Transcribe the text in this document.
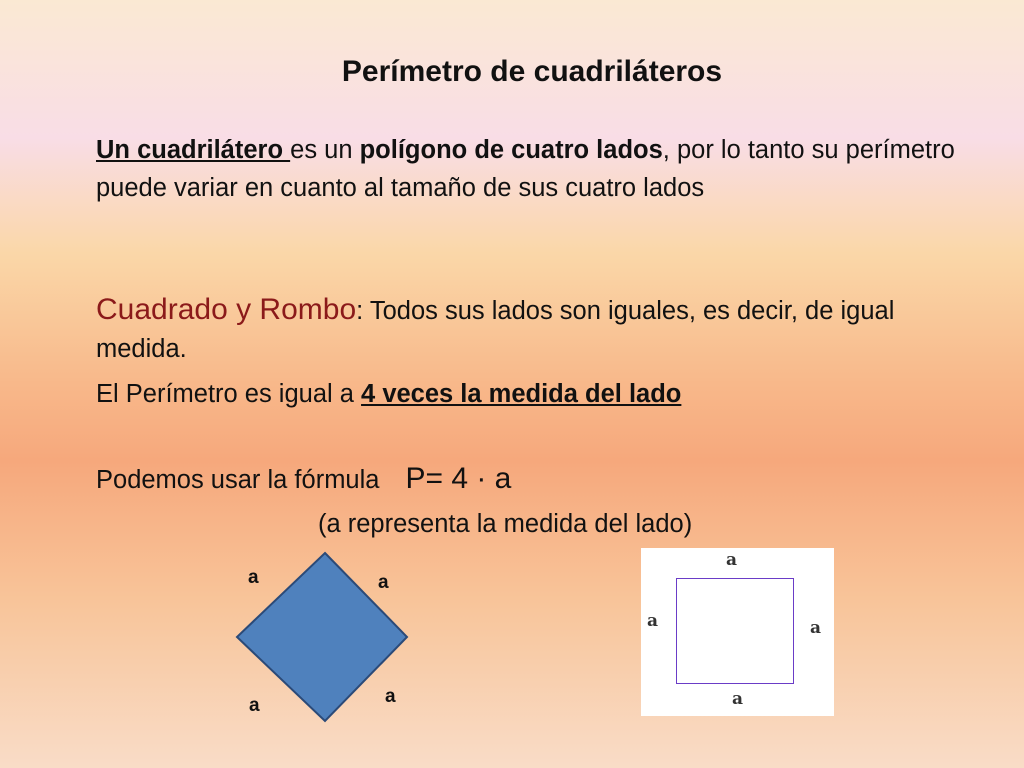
Perímetro de cuadriláteros
Un cuadrilátero es un polígono de cuatro lados, por lo tanto su perímetro puede variar en cuanto al tamaño de sus cuatro lados
Cuadrado y Rombo: Todos sus lados son iguales, es decir, de igual medida.
El Perímetro es igual a 4 veces la medida del lado
Podemos usar la fórmula P= 4 · a
(a representa la medida del lado)
a	a
a
a
a
a	a
a
